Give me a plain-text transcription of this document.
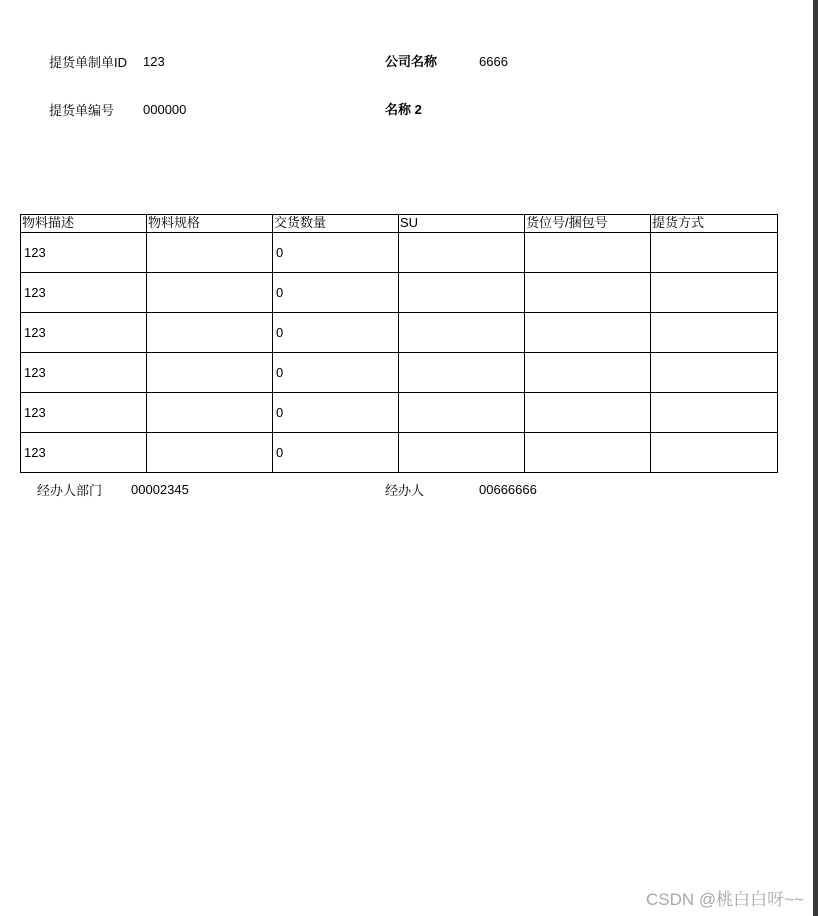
提货单制单ID 123	公司名称	6666
提货单编号 000000	名称 2
物料描述	物料规格	交货数量	SU	货位号/捆包号	提货方式
123		0			
123		0			
123		0			
123		0			
123		0			
123		0			
经办人部门 00002345	经办人	00666666
CSDN @桃白白呀~~
